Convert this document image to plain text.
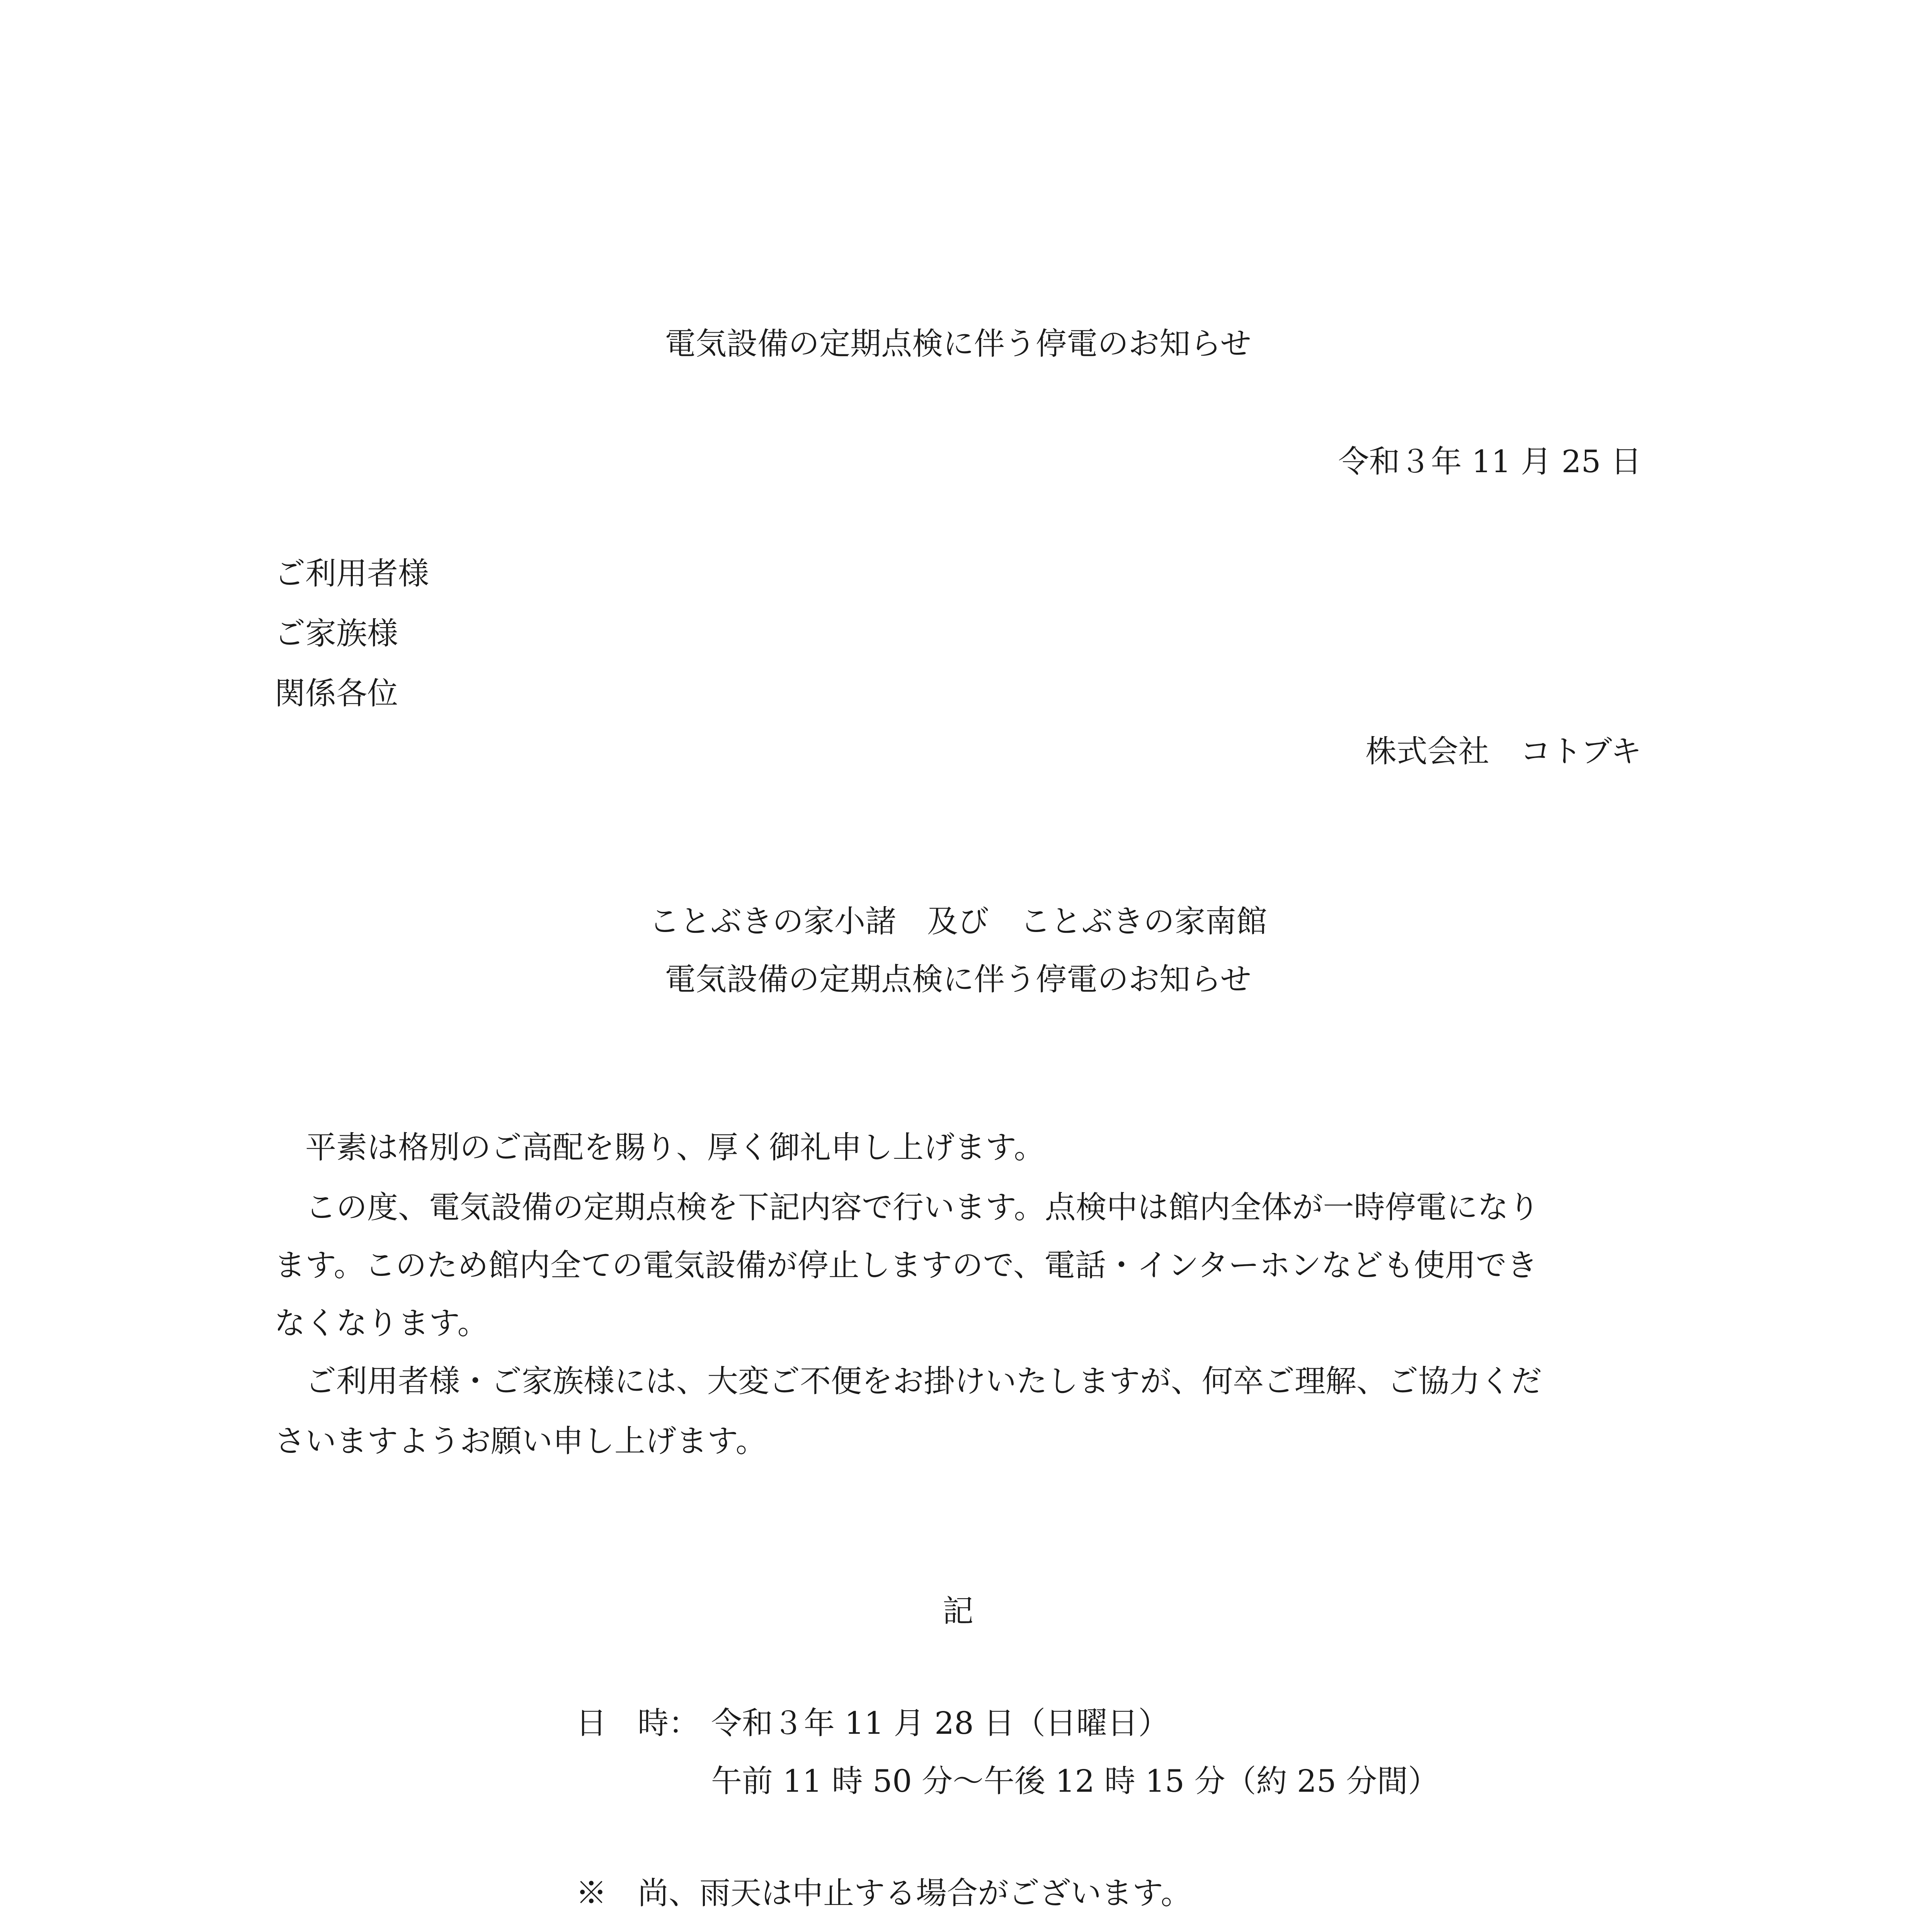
電気設備の定期点検に伴う停電のお知らせ
令和３年 11 月 25 日
ご利用者様
ご家族様
関係各位
株式会社　コトブキ
ことぶきの家小諸　及び　ことぶきの家南館
電気設備の定期点検に伴う停電のお知らせ
　平素は格別のご高配を賜り、厚く御礼申し上げます。
　この度、電気設備の定期点検を下記内容で行います。点検中は館内全体が一時停電になり
ます。このため館内全ての電気設備が停止しますので、電話・インターホンなども使用でき
なくなります。
　ご利用者様・ご家族様には、大変ご不便をお掛けいたしますが、何卒ご理解、ご協力くだ
さいますようお願い申し上げます。
記
日　時： 令和３年 11 月 28 日（日曜日）
午前 11 時 50 分～午後 12 時 15 分（約 25 分間）
※　尚、雨天は中止する場合がございます。
